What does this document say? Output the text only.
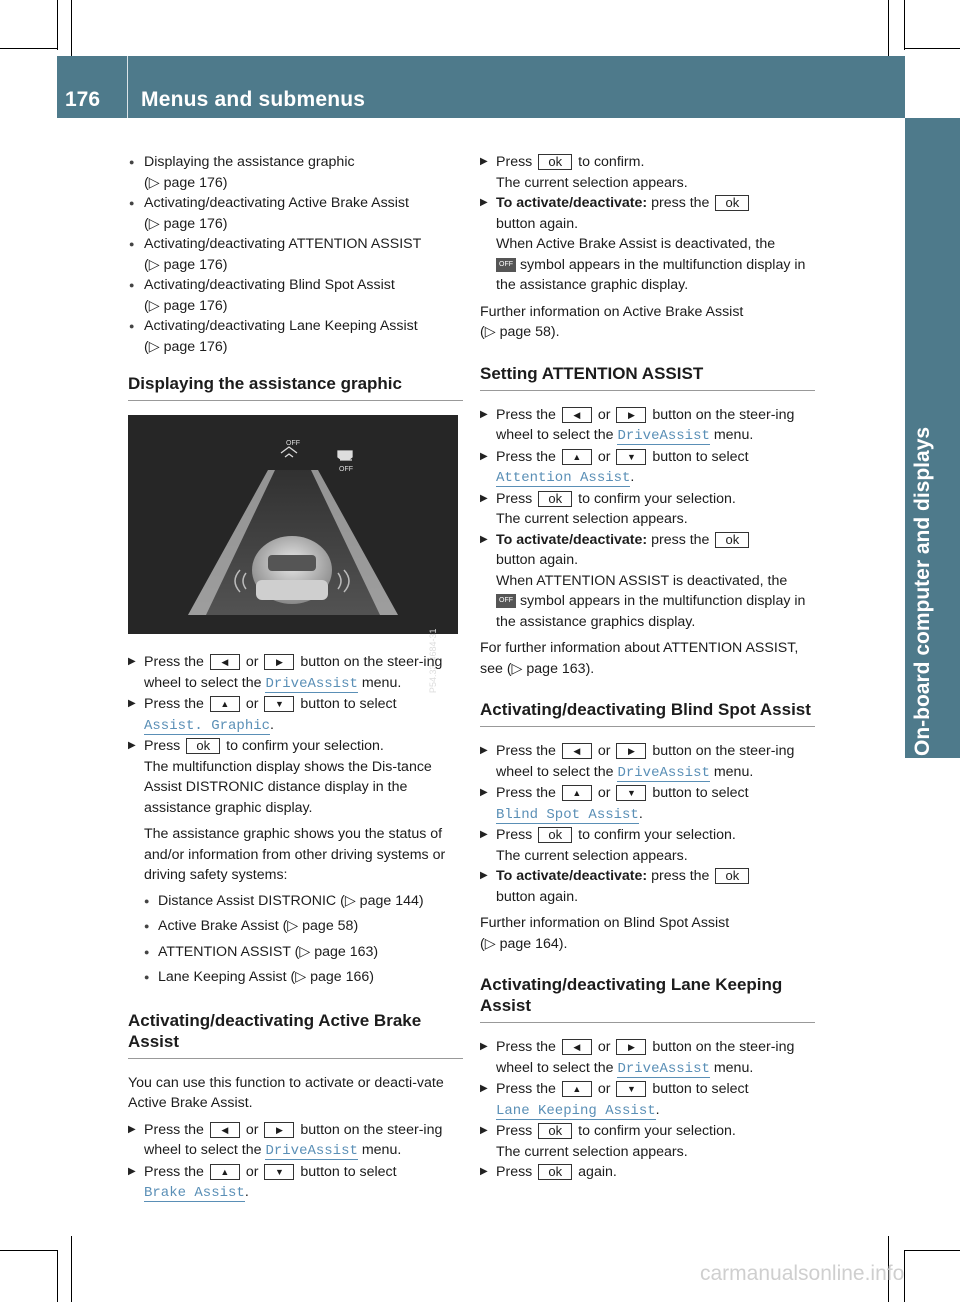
176 Menus and submenus
On-board computer and displays
● Displaying the assistance graphic
(▷ page 176)
● Activating/deactivating Active Brake Assist
(▷ page 176)
● Activating/deactivating ATTENTION ASSIST
(▷ page 176)
● Activating/deactivating Blind Spot Assist
(▷ page 176)
● Activating/deactivating Lane Keeping Assist
(▷ page 176)
Displaying the assistance graphic
OFF
OFF
P54.33-4684-31
▶ Press the ◀ or ▶ button on the steer-ing wheel to select the DriveAssist menu.
▶ Press the ▲ or ▼ button to select
Assist. Graphic.
▶ Press ok to confirm your selection.
The multifunction display shows the Dis-tance Assist DISTRONIC distance display in the assistance graphic display.
The assistance graphic shows you the status of and/or information from other driving systems or driving safety systems:
● Distance Assist DISTRONIC (▷ page 144)
● Active Brake Assist (▷ page 58)
● ATTENTION ASSIST (▷ page 163)
● Lane Keeping Assist (▷ page 166)
Activating/deactivating Active Brake Assist
You can use this function to activate or deacti-vate Active Brake Assist.
▶ Press the ◀ or ▶ button on the steer-ing wheel to select the DriveAssist menu.
▶ Press the ▲ or ▼ button to select
Brake Assist.
▶ Press ok to confirm.
The current selection appears.
▶ To activate/deactivate: press the ok
button again.
When Active Brake Assist is deactivated, the
OFF symbol appears in the multifunction display in the assistance graphic display.
Further information on Active Brake Assist
(▷ page 58).
Setting ATTENTION ASSIST
▶ Press the ◀ or ▶ button on the steer-ing wheel to select the DriveAssist menu.
▶ Press the ▲ or ▼ button to select
Attention Assist.
▶ Press ok to confirm your selection.
The current selection appears.
▶ To activate/deactivate: press the ok
button again.
When ATTENTION ASSIST is deactivated, the
OFF symbol appears in the multifunction display in the assistance graphics display.
For further information about ATTENTION ASSIST, see (▷ page 163).
Activating/deactivating Blind Spot Assist
▶ Press the ◀ or ▶ button on the steer-ing wheel to select the DriveAssist menu.
▶ Press the ▲ or ▼ button to select
Blind Spot Assist.
▶ Press ok to confirm your selection.
The current selection appears.
▶ To activate/deactivate: press the ok
button again.
Further information on Blind Spot Assist
(▷ page 164).
Activating/deactivating Lane Keeping Assist
▶ Press the ◀ or ▶ button on the steer-ing wheel to select the DriveAssist menu.
▶ Press the ▲ or ▼ button to select
Lane Keeping Assist.
▶ Press ok to confirm your selection.
The current selection appears.
▶ Press ok again.
carmanualsonline.info
